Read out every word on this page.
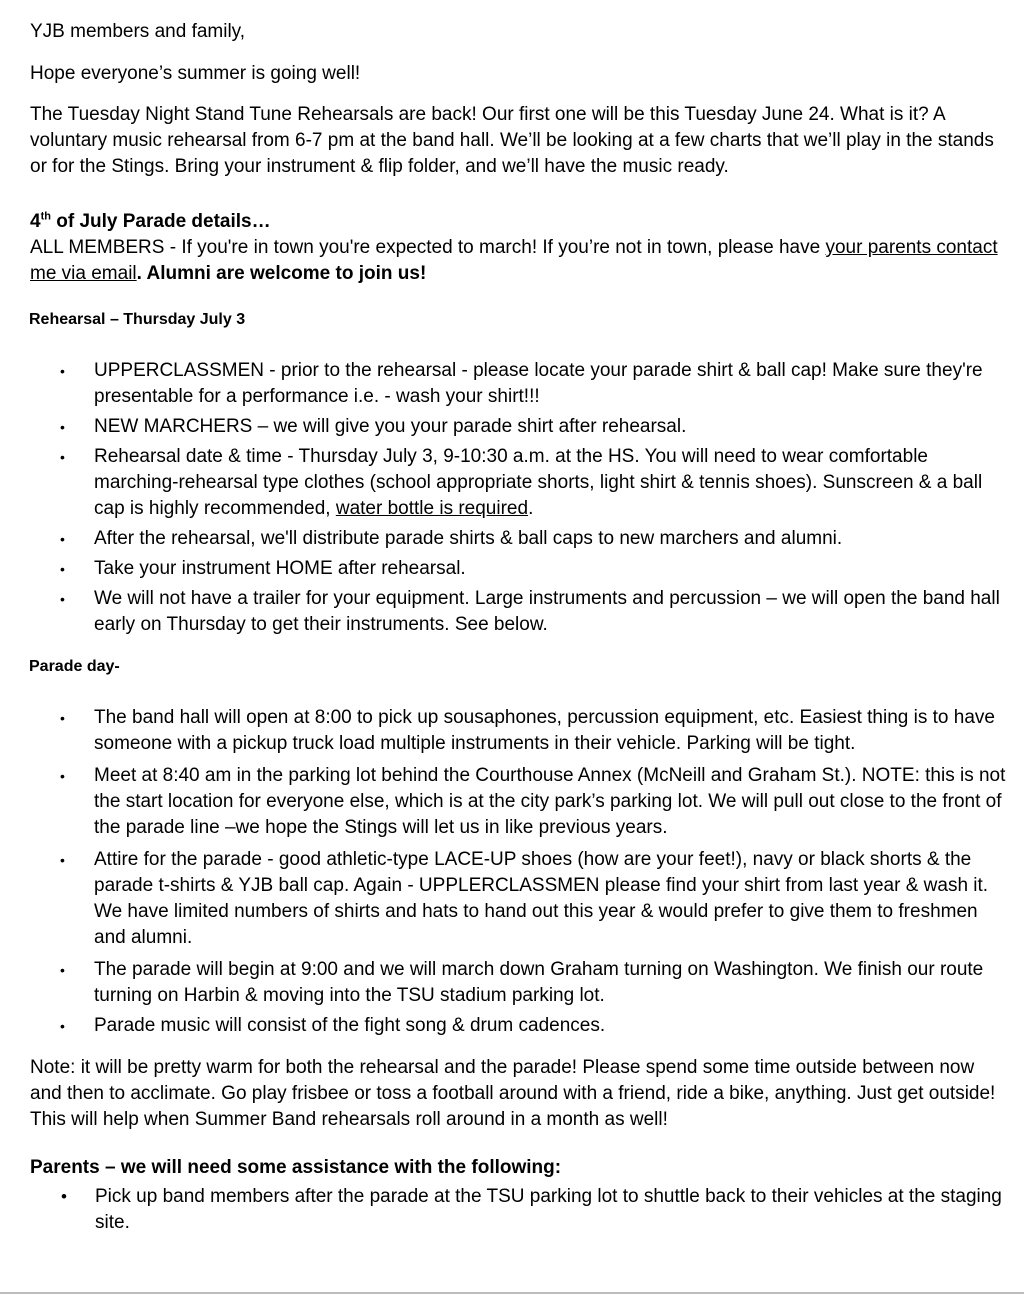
YJB members and family,

Hope everyone’s summer is going well!

The Tuesday Night Stand Tune Rehearsals are back! Our first one will be this Tuesday June 24. What is it? A voluntary music rehearsal from 6-7 pm at the band hall. We’ll be looking at a few charts that we’ll play in the stands or for the Stings. Bring your instrument & flip folder, and we’ll have the music ready.

4th of July Parade details…

ALL MEMBERS - If you're in town you're expected to march! If you’re not in town, please have your parents contact me via email. Alumni are welcome to join us!

Rehearsal – Thursday July 3

• UPPERCLASSMEN - prior to the rehearsal - please locate your parade shirt & ball cap! Make sure they're presentable for a performance i.e. - wash your shirt!!!
• NEW MARCHERS – we will give you your parade shirt after rehearsal.
• Rehearsal date & time - Thursday July 3, 9-10:30 a.m. at the HS. You will need to wear comfortable marching-rehearsal type clothes (school appropriate shorts, light shirt & tennis shoes). Sunscreen & a ball cap is highly recommended, water bottle is required.
• After the rehearsal, we'll distribute parade shirts & ball caps to new marchers and alumni.
• Take your instrument HOME after rehearsal.
• We will not have a trailer for your equipment. Large instruments and percussion – we will open the band hall early on Thursday to get their instruments. See below.

Parade day-

• The band hall will open at 8:00 to pick up sousaphones, percussion equipment, etc. Easiest thing is to have someone with a pickup truck load multiple instruments in their vehicle. Parking will be tight.
• Meet at 8:40 am in the parking lot behind the Courthouse Annex (McNeill and Graham St.). NOTE: this is not the start location for everyone else, which is at the city park’s parking lot. We will pull out close to the front of the parade line –we hope the Stings will let us in like previous years.
• Attire for the parade - good athletic-type LACE-UP shoes (how are your feet!), navy or black shorts & the parade t-shirts & YJB ball cap. Again - UPPLERCLASSMEN please find your shirt from last year & wash it. We have limited numbers of shirts and hats to hand out this year & would prefer to give them to freshmen and alumni.
• The parade will begin at 9:00 and we will march down Graham turning on Washington. We finish our route turning on Harbin & moving into the TSU stadium parking lot.
• Parade music will consist of the fight song & drum cadences.

Note: it will be pretty warm for both the rehearsal and the parade! Please spend some time outside between now and then to acclimate. Go play frisbee or toss a football around with a friend, ride a bike, anything. Just get outside! This will help when Summer Band rehearsals roll around in a month as well!

Parents – we will need some assistance with the following:

• Pick up band members after the parade at the TSU parking lot to shuttle back to their vehicles at the staging site.
